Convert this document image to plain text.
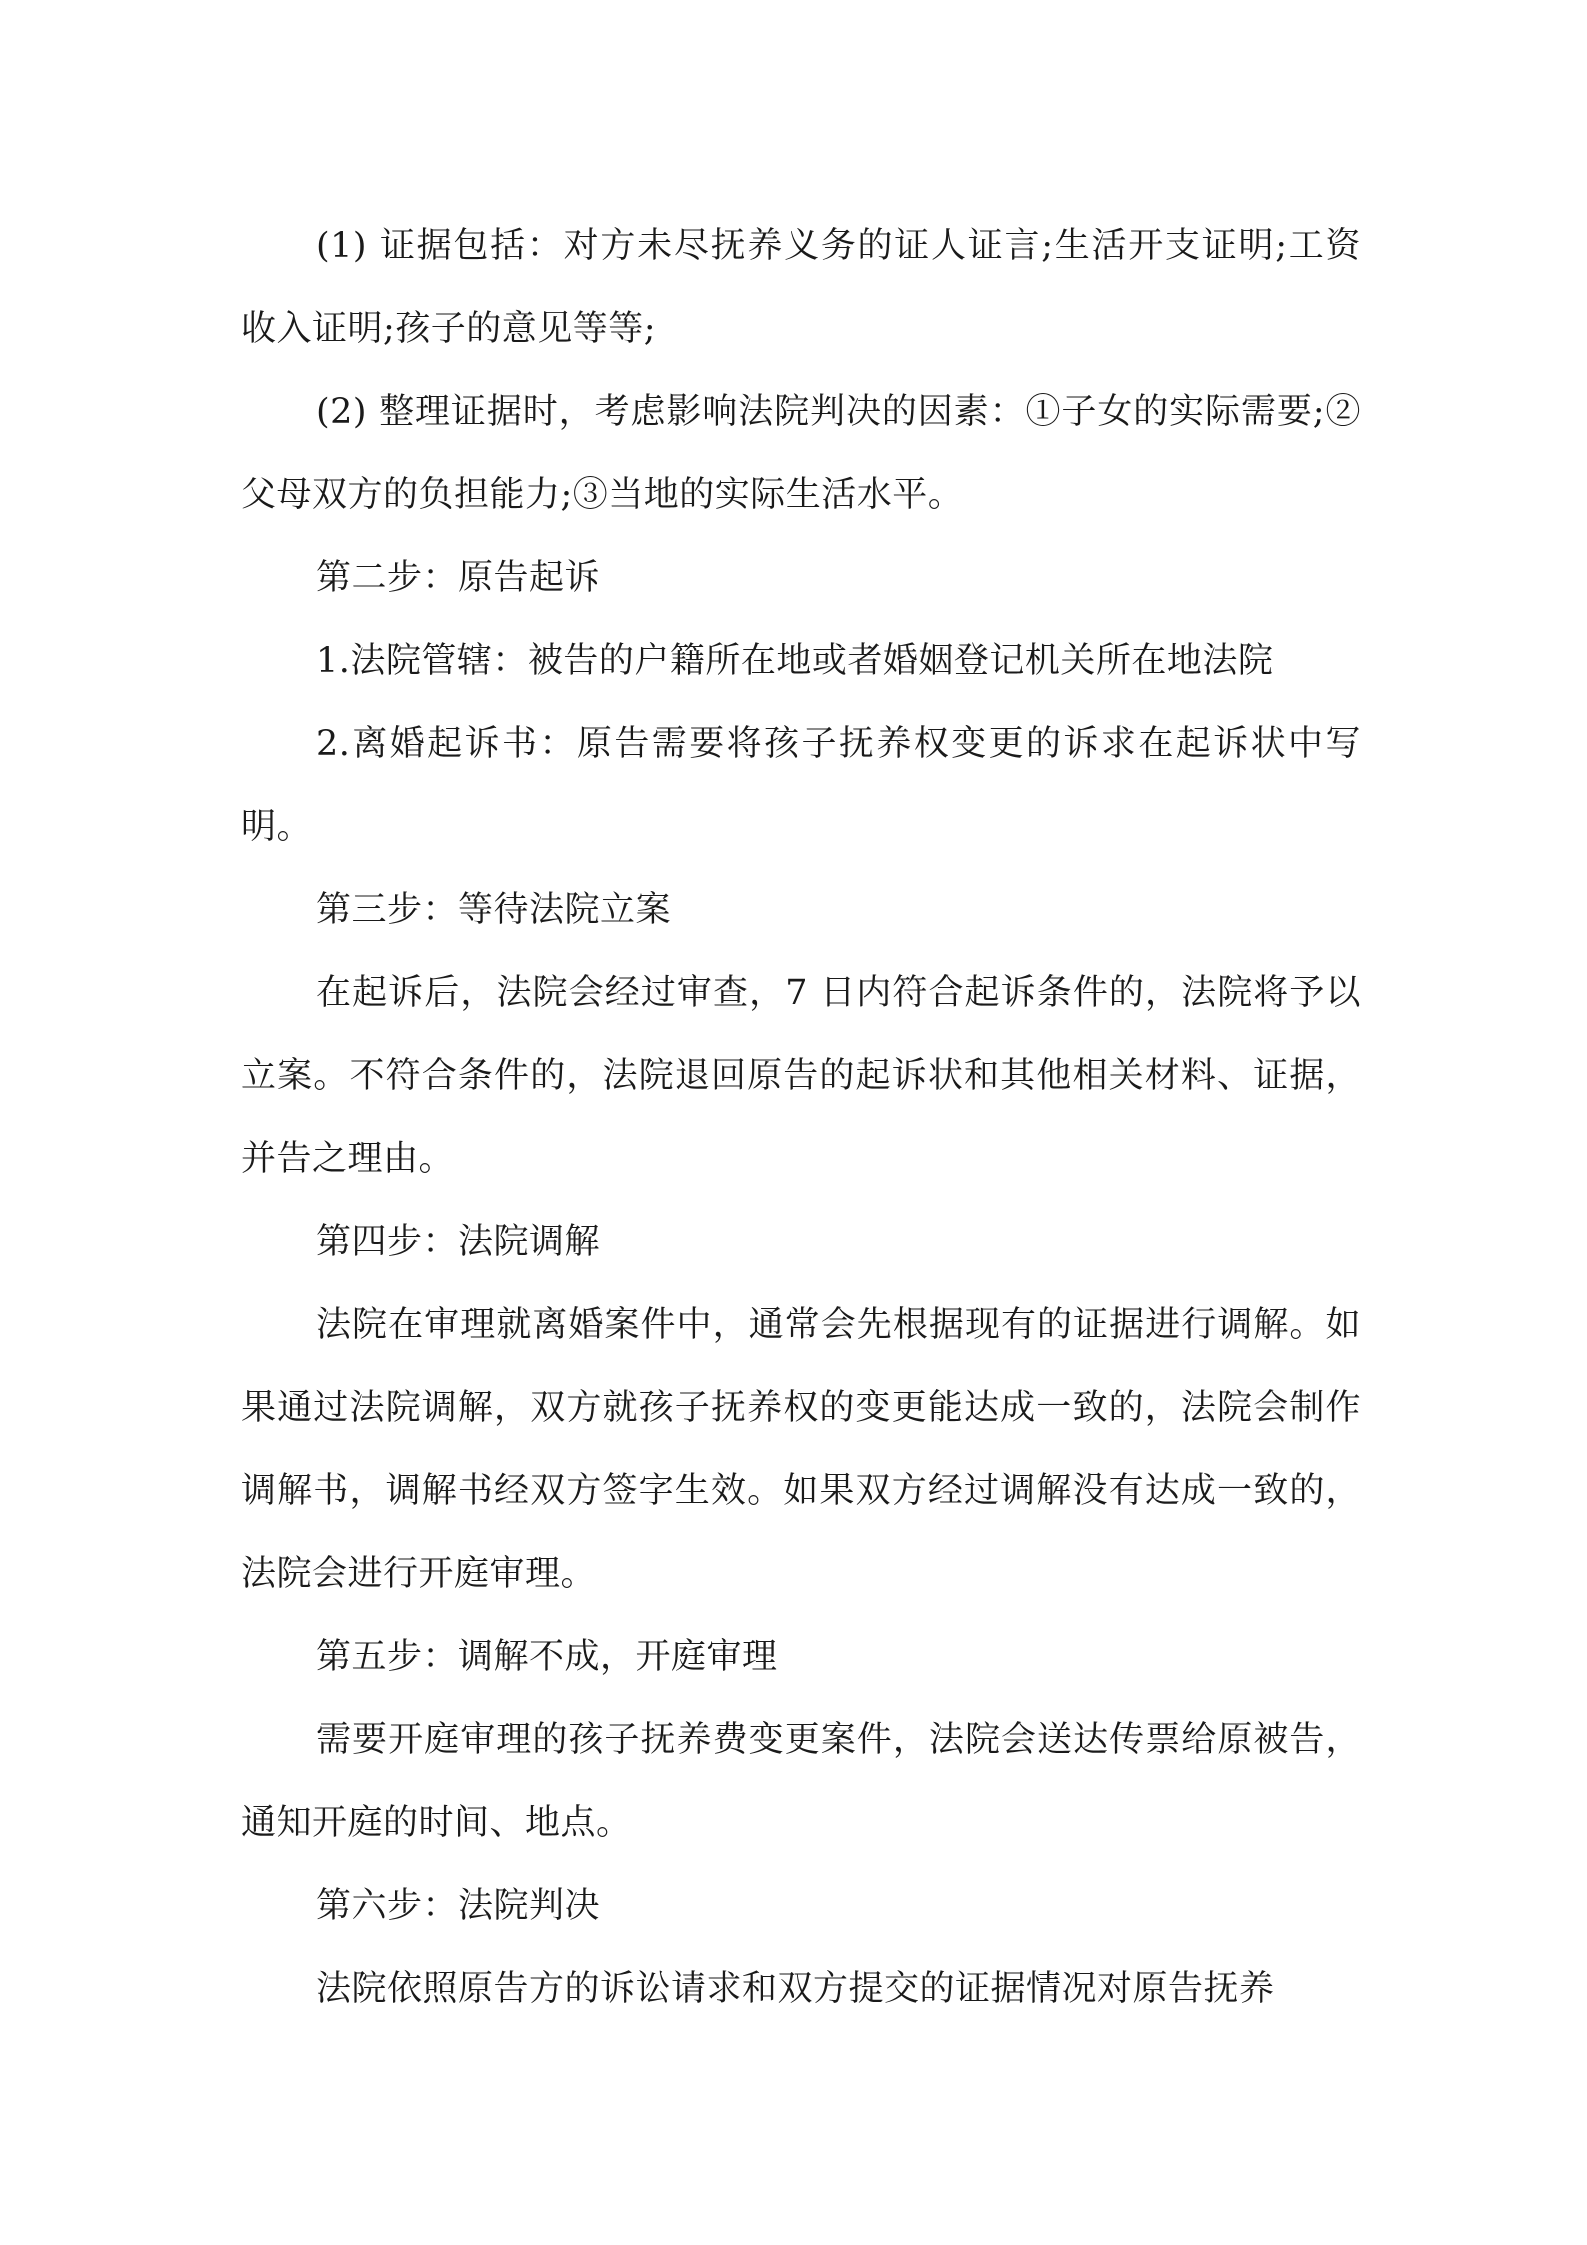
(1) 证据包括：对方未尽抚养义务的证人证言;生活开支证明;工资收入证明;孩子的意见等等;

(2) 整理证据时，考虑影响法院判决的因素：①子女的实际需要;② 父母双方的负担能力;③当地的实际生活水平。

第二步：原告起诉

1.法院管辖：被告的户籍所在地或者婚姻登记机关所在地法院

2.离婚起诉书：原告需要将孩子抚养权变更的诉求在起诉状中写明。

第三步：等待法院立案

在起诉后，法院会经过审查，7 日内符合起诉条件的，法院将予以立案。不符合条件的，法院退回原告的起诉状和其他相关材料、证据，并告之理由。

第四步：法院调解

法院在审理就离婚案件中，通常会先根据现有的证据进行调解。如果通过法院调解，双方就孩子抚养权的变更能达成一致的，法院会制作调解书，调解书经双方签字生效。如果双方经过调解没有达成一致的，法院会进行开庭审理。

第五步：调解不成，开庭审理

需要开庭审理的孩子抚养费变更案件，法院会送达传票给原被告，通知开庭的时间、地点。

第六步：法院判决

法院依照原告方的诉讼请求和双方提交的证据情况对原告抚养
